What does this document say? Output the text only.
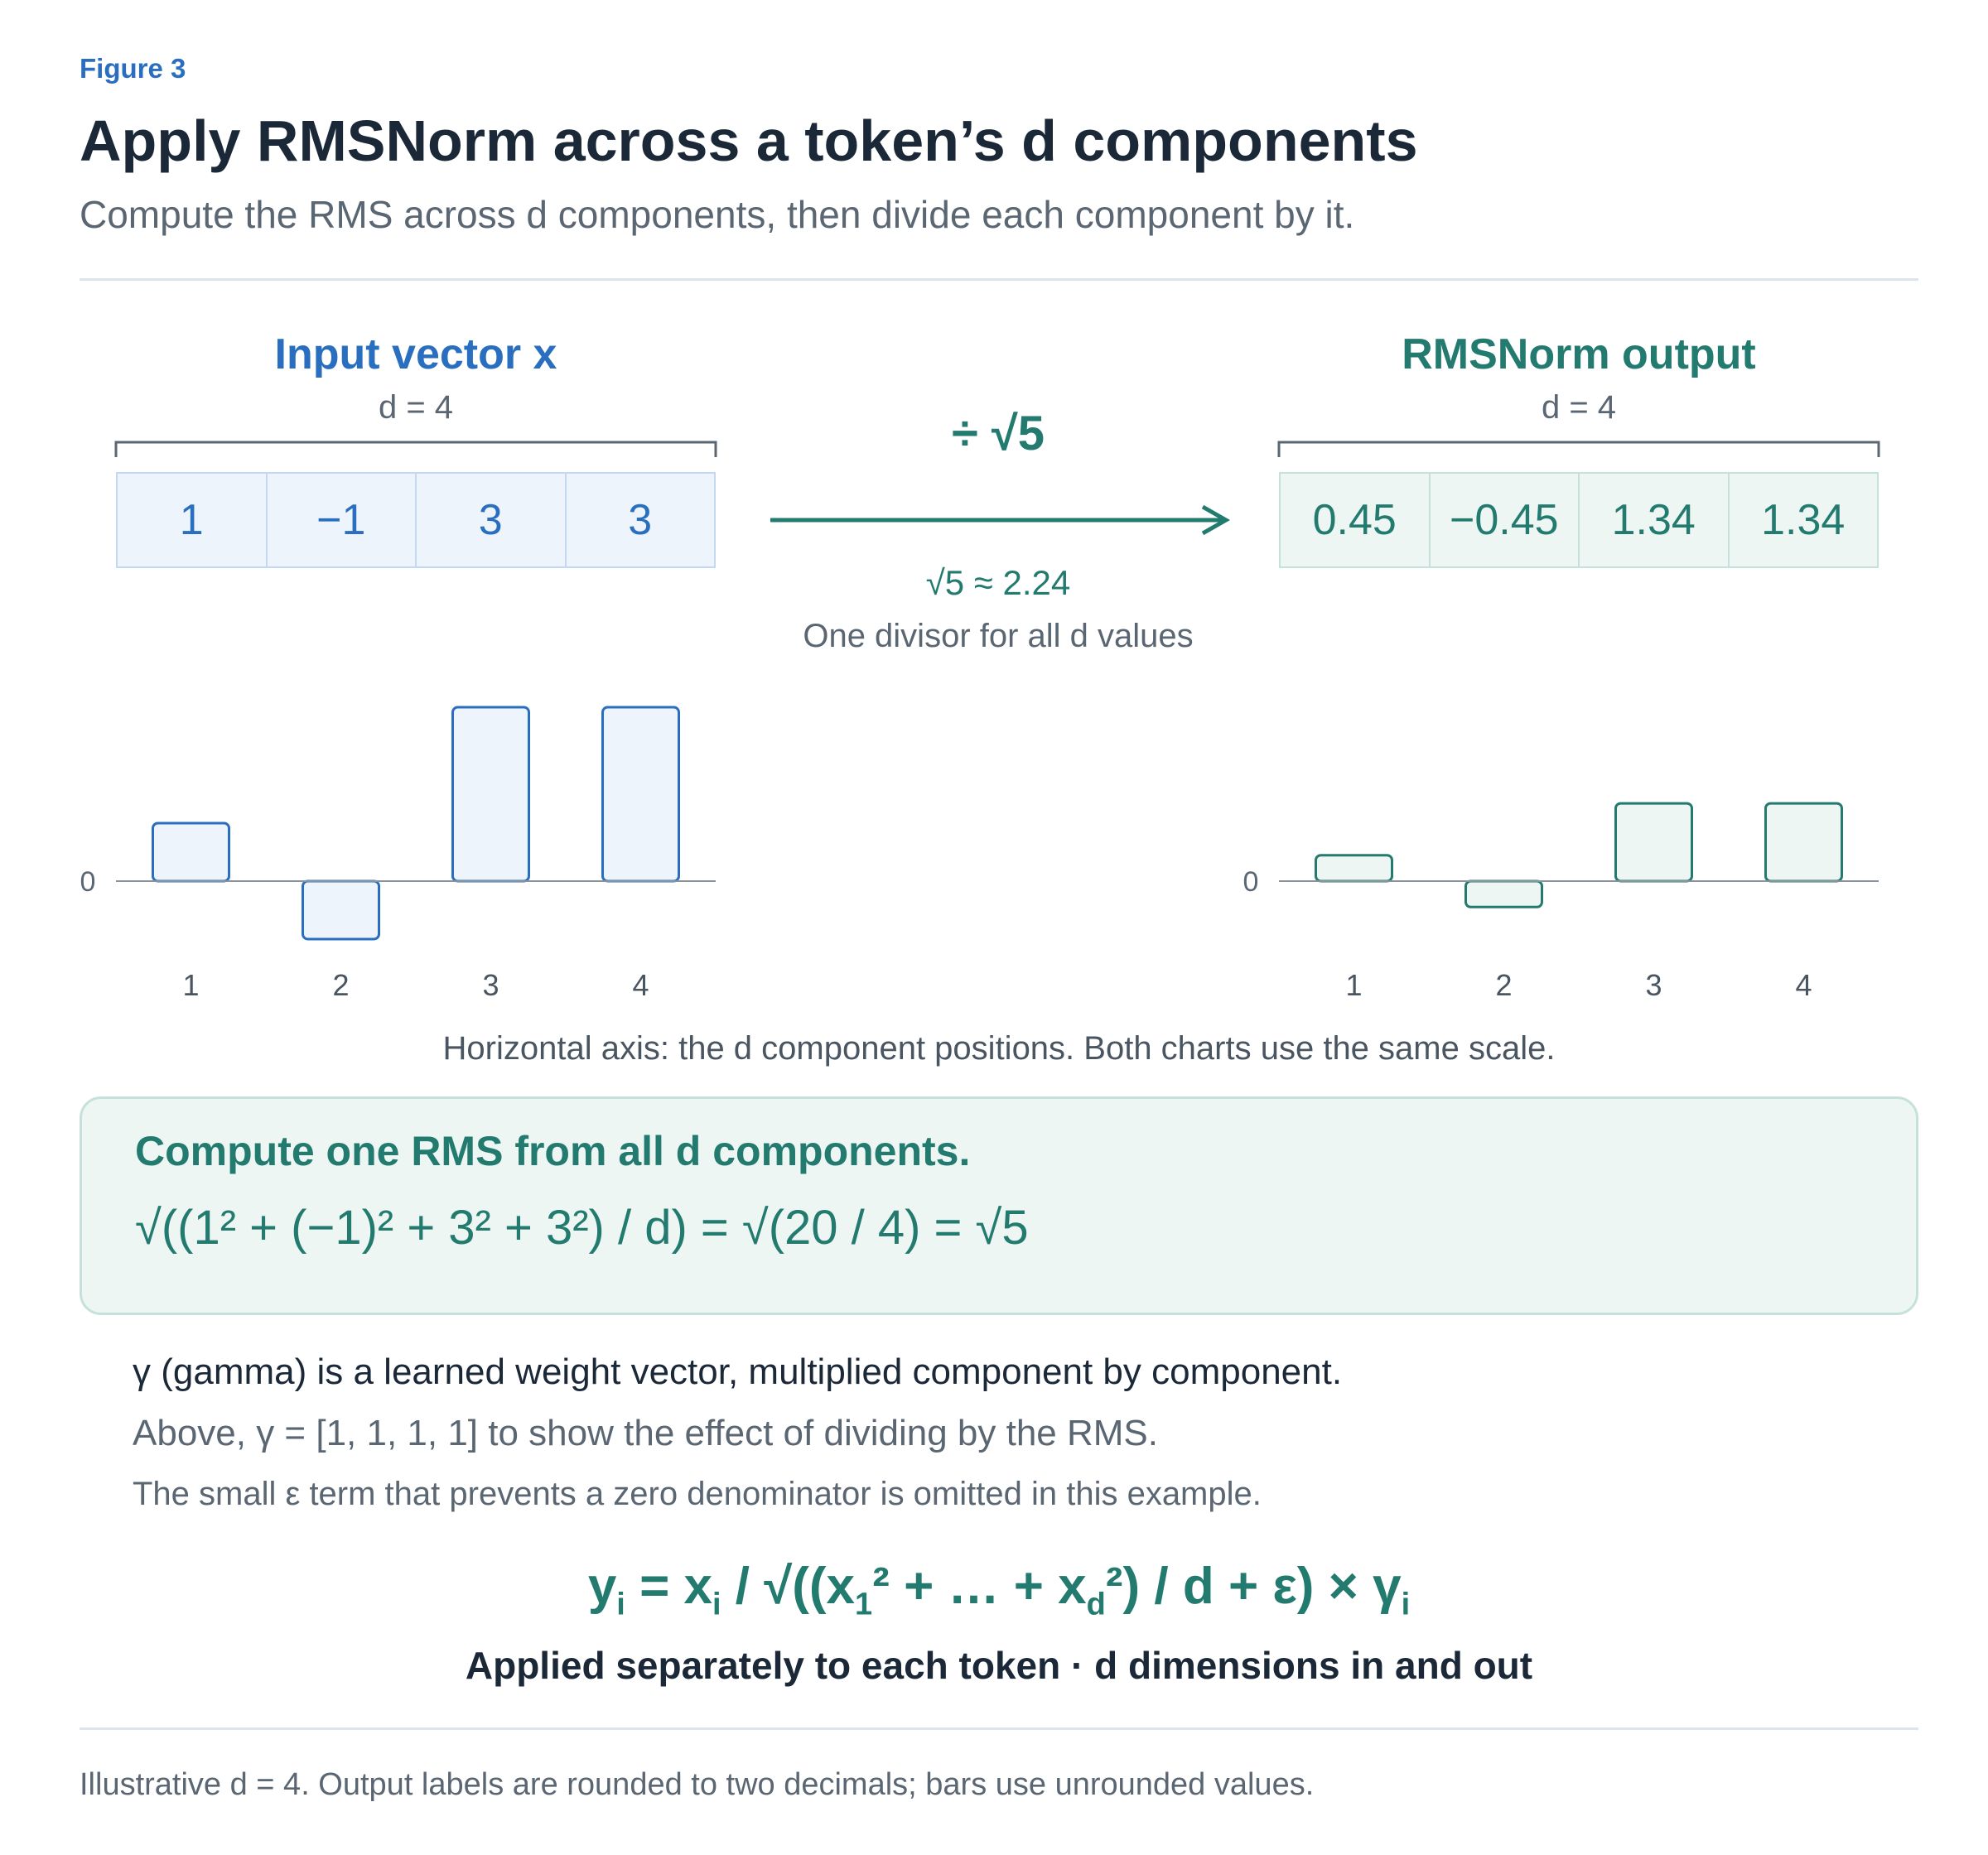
Figure 3
Apply RMSNorm across a token’s d components
Compute the RMS across d components, then divide each component by it.
Input vector x
d = 4
RMSNorm output
d = 4
1	−1	3	3	0.45	−0.45	1.34	1.34
÷ √5
√5 ≈ 2.24
One divisor for all d values
0
1	2	3	4
0
1	2	3	4
Horizontal axis: the d component positions. Both charts use the same scale.
Compute one RMS from all d components.
√((1² + (−1)² + 3² + 3²) / d) = √(20 / 4) = √5
γ (gamma) is a learned weight vector, multiplied component by component.
Above, γ = [1, 1, 1, 1] to show the effect of dividing by the RMS.
The small ε term that prevents a zero denominator is omitted in this example.
$y_i = x_i / √((x_1^2$ + … + $x_d^2) / d + \varepsilon) \times \gamma_i$
Applied separately to each token · d dimensions in and out
Illustrative d = 4. Output labels are rounded to two decimals; bars use unrounded values.
